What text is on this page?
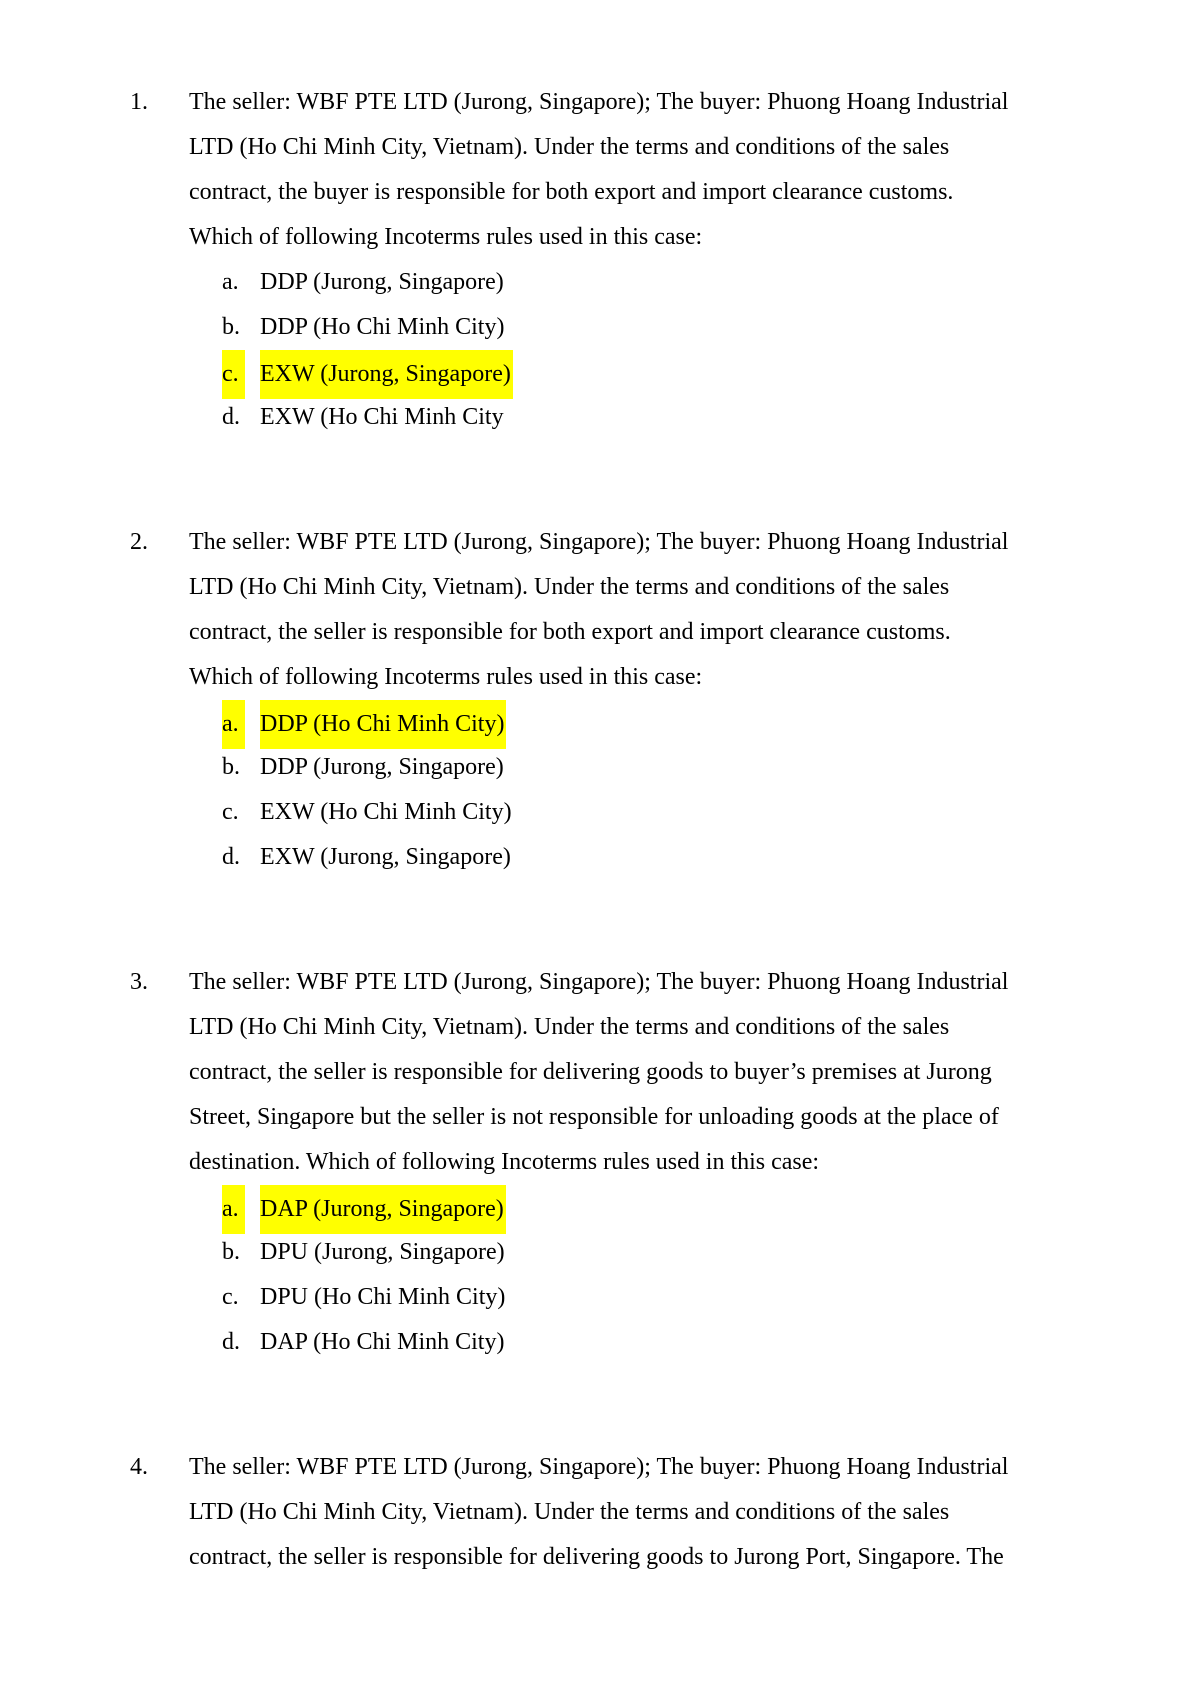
1. The seller: WBF PTE LTD (Jurong, Singapore); The buyer: Phuong Hoang Industrial
LTD (Ho Chi Minh City, Vietnam). Under the terms and conditions of the sales
contract, the buyer is responsible for both export and import clearance customs.
Which of following Incoterms rules used in this case:
a. DDP (Jurong, Singapore)
b. DDP (Ho Chi Minh City)
c. EXW (Jurong, Singapore)
d. EXW (Ho Chi Minh City
2. The seller: WBF PTE LTD (Jurong, Singapore); The buyer: Phuong Hoang Industrial
LTD (Ho Chi Minh City, Vietnam). Under the terms and conditions of the sales
contract, the seller is responsible for both export and import clearance customs.
Which of following Incoterms rules used in this case:
a. DDP (Ho Chi Minh City)
b. DDP (Jurong, Singapore)
c. EXW (Ho Chi Minh City)
d. EXW (Jurong, Singapore)
3. The seller: WBF PTE LTD (Jurong, Singapore); The buyer: Phuong Hoang Industrial
LTD (Ho Chi Minh City, Vietnam). Under the terms and conditions of the sales
contract, the seller is responsible for delivering goods to buyer’s premises at Jurong
Street, Singapore but the seller is not responsible for unloading goods at the place of
destination. Which of following Incoterms rules used in this case:
a. DAP (Jurong, Singapore)
b. DPU (Jurong, Singapore)
c. DPU (Ho Chi Minh City)
d. DAP (Ho Chi Minh City)
4. The seller: WBF PTE LTD (Jurong, Singapore); The buyer: Phuong Hoang Industrial
LTD (Ho Chi Minh City, Vietnam). Under the terms and conditions of the sales
contract, the seller is responsible for delivering goods to Jurong Port, Singapore. The
